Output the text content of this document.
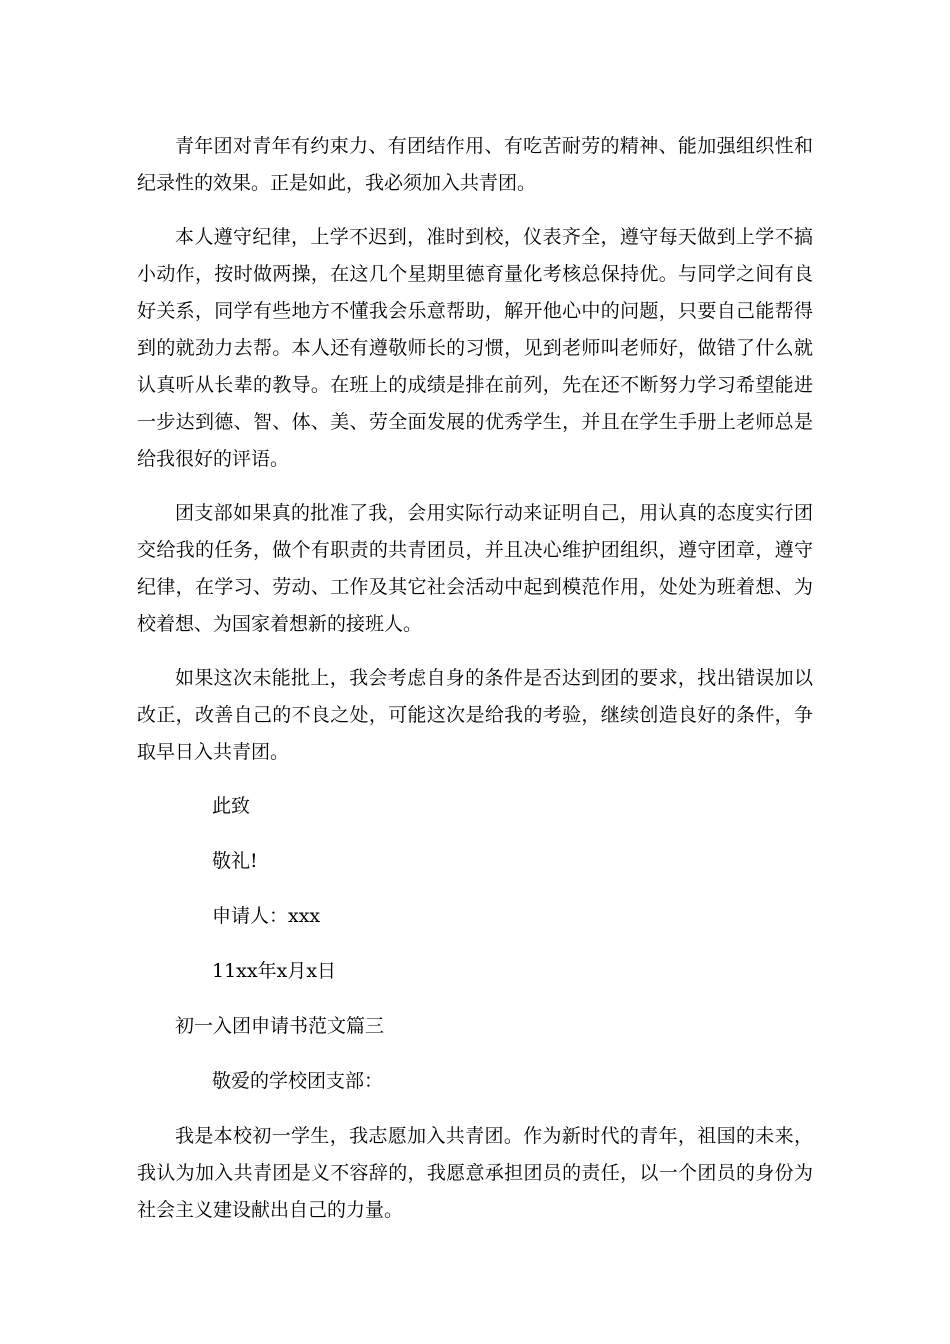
青年团对青年有约束力、有团结作用、有吃苦耐劳的精神、能加强组织性和纪录性的效果。正是如此，我必须加入共青团。

本人遵守纪律，上学不迟到，准时到校，仪表齐全，遵守每天做到上学不搞小动作，按时做两操，在这几个星期里德育量化考核总保持优。与同学之间有良好关系，同学有些地方不懂我会乐意帮助，解开他心中的问题，只要自己能帮得到的就劲力去帮。本人还有遵敬师长的习惯，见到老师叫老师好，做错了什么就认真听从长辈的教导。在班上的成绩是排在前列，先在还不断努力学习希望能进一步达到德、智、体、美、劳全面发展的优秀学生，并且在学生手册上老师总是给我很好的评语。

团支部如果真的批准了我，会用实际行动来证明自己，用认真的态度实行团交给我的任务，做个有职责的共青团员，并且决心维护团组织，遵守团章，遵守纪律，在学习、劳动、工作及其它社会活动中起到模范作用，处处为班着想、为校着想、为国家着想新的接班人。

如果这次未能批上，我会考虑自身的条件是否达到团的要求，找出错误加以改正，改善自己的不良之处，可能这次是给我的考验，继续创造良好的条件，争取早日入共青团。

此致

敬礼!

申请人：xxx

11xx年x月x日

初一入团申请书范文篇三

敬爱的学校团支部：

我是本校初一学生，我志愿加入共青团。作为新时代的青年，祖国的未来，我认为加入共青团是义不容辞的，我愿意承担团员的责任，以一个团员的身份为社会主义建设献出自己的力量。
